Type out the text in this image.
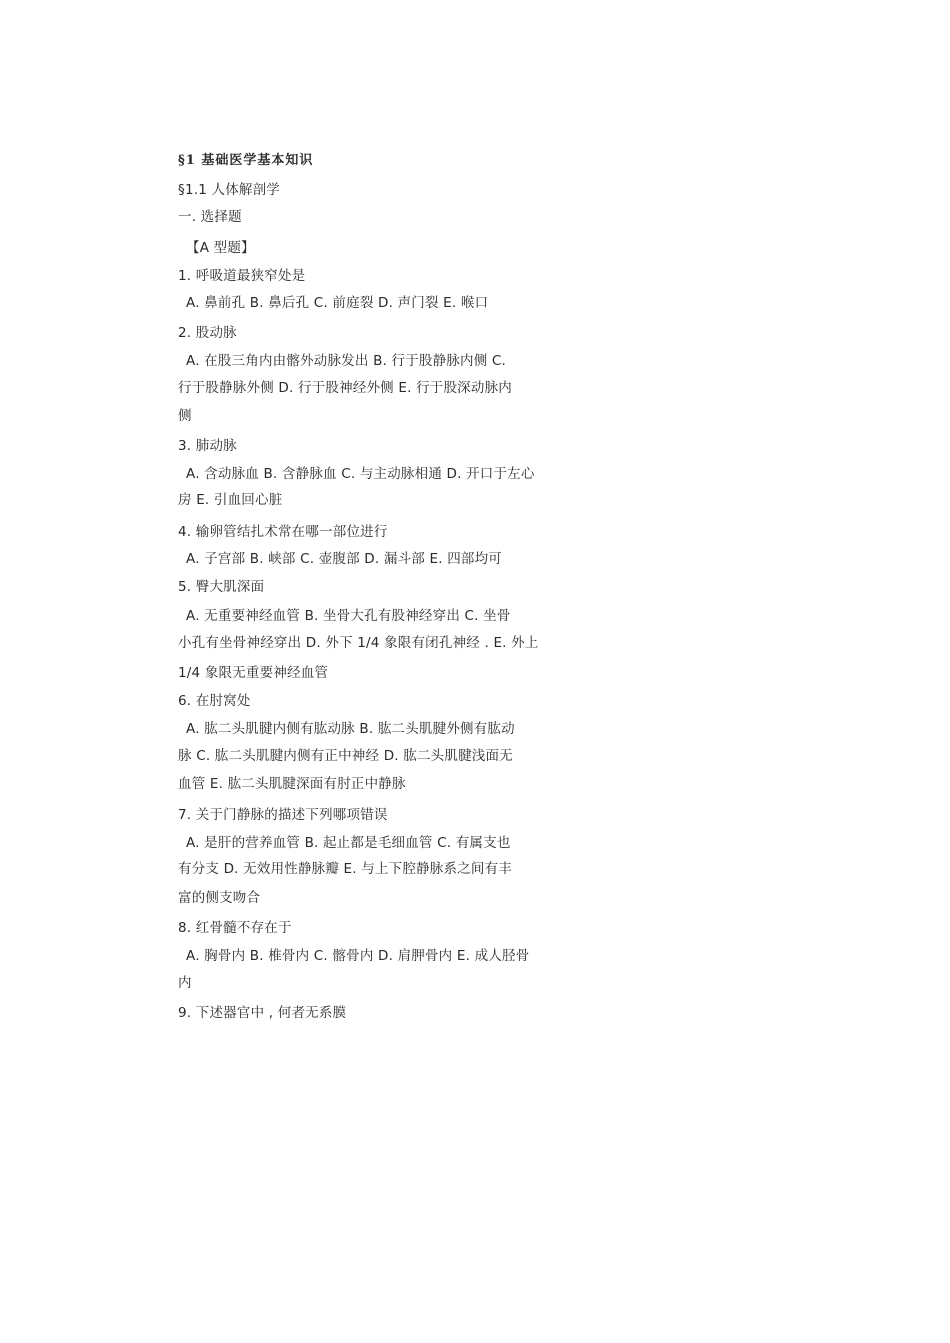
§1 基础医学基本知识
§1.1 人体解剖学
一. 选择题
【A 型题】
1. 呼吸道最狭窄处是
A. 鼻前孔 B. 鼻后孔 C. 前庭裂 D. 声门裂 E. 喉口
2. 股动脉
A. 在股三角内由髂外动脉发出 B. 行于股静脉内侧 C.
行于股静脉外侧 D. 行于股神经外侧 E. 行于股深动脉内
侧
3. 肺动脉
A. 含动脉血 B. 含静脉血 C. 与主动脉相通 D. 开口于左心
房 E. 引血回心脏
4. 输卵管结扎术常在哪一部位进行
A. 子宫部 B. 峡部 C. 壶腹部 D. 漏斗部 E. 四部均可
5. 臀大肌深面
A. 无重要神经血管 B. 坐骨大孔有股神经穿出 C. 坐骨
小孔有坐骨神经穿出 D. 外下 1/4 象限有闭孔神经 . E. 外上
1/4 象限无重要神经血管
6. 在肘窝处
A. 肱二头肌腱内侧有肱动脉 B. 肱二头肌腱外侧有肱动
脉 C. 肱二头肌腱内侧有正中神经 D. 肱二头肌腱浅面无
血管 E. 肱二头肌腱深面有肘正中静脉
7. 关于门静脉的描述下列哪项错误
A. 是肝的营养血管 B. 起止都是毛细血管 C. 有属支也
有分支 D. 无效用性静脉瓣 E. 与上下腔静脉系之间有丰
富的侧支吻合
8. 红骨髓不存在于
A. 胸骨内 B. 椎骨内 C. 髂骨内 D. 肩胛骨内 E. 成人胫骨
内
9. 下述器官中 , 何者无系膜
